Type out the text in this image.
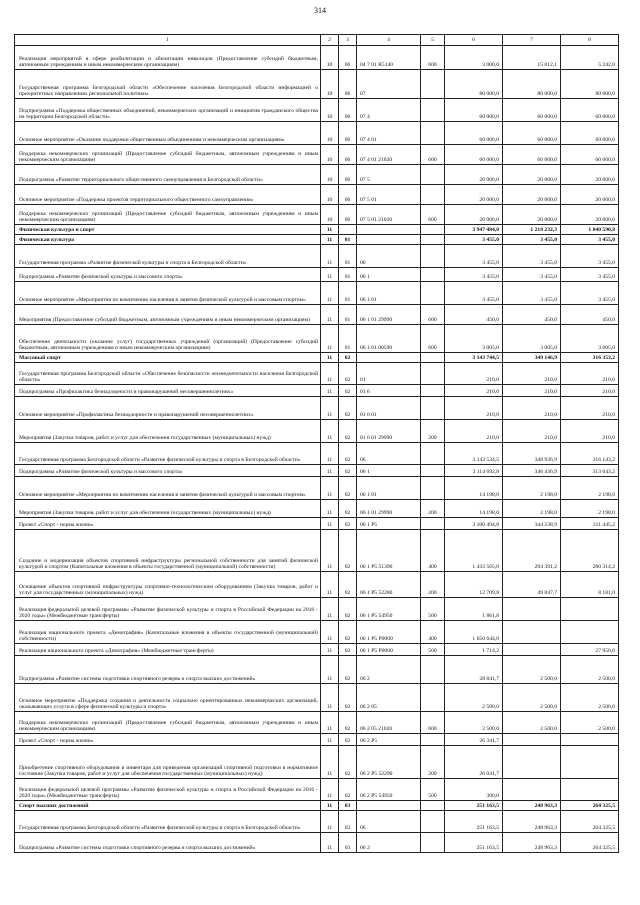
314
1	2	3	4	5	6	7	8
Реализация мероприятий в сфере реабилитации и абилитации инвалидов (Предоставление субсидий бюджетным, автономным учреждениям и иным некоммерческим организациям)	10	06	04 7 01 R5140	600	3 000,0	15 012,1	5 242,0
Государственная программа Белгородской области «Обеспечение населения Белгородской области информацией о приоритетных направлениях региональной политики»	10	06	07		80 000,0	80 000,0	80 000,0
Подпрограмма «Поддержка общественных объединений, некоммерческих организаций и инициатив гражданского общества на территории Белгородской области»	10	06	07 4		60 000,0	60 000,0	60 000,0
Основное мероприятие «Оказание поддержки общественным объединениям и некоммерческим организациям»	10	06	07 4 01		60 000,0	60 000,0	60 000,0
Поддержка некоммерческих организаций (Предоставление субсидий бюджетным, автономным учреждениям и иным некоммерческим организациям)	10	06	07 4 01 21020	600	60 000,0	60 000,0	60 000,0
Подпрограмма «Развитие территориального общественного самоуправления в Белгородской области»	10	06	07 5		20 000,0	20 000,0	20 000,0
Основное мероприятие «Поддержка проектов территориального общественного самоуправления»	10	06	07 5 01		20 000,0	20 000,0	20 000,0
Поддержка некоммерческих организаций (Предоставление субсидий бюджетным, автономным учреждениям и иным некоммерческим организациям)	10	06	07 5 01 21020	600	20 000,0	20 000,0	20 000,0
Физическая культура и спорт	11				3 947 484,0	1 218 232,3	1 840 590,8
Физическая культура	11	01			3 455,0	3 455,0	3 455,0
Государственная программа «Развитие физической культуры и спорта в Белгородской области»	11	01	06		3 455,0	3 455,0	3 455,0
Подпрограмма «Развитие физической культуры и массового спорта»	11	01	06 1		3 455,0	3 455,0	3 455,0
Основное мероприятие «Мероприятия по вовлечению населения в занятия физической культурой и массовым спортом»	11	01	06 1 01		3 455,0	3 455,0	3 455,0
Мероприятия (Предоставление субсидий бюджетным, автономным учреждениям и иным некоммерческим организациям)	11	01	06 1 01 29990	600	450,0	450,0	450,0
Обеспечение деятельности (оказание услуг) государственных учреждений (организаций) (Предоставление субсидий бюджетным, автономным учреждениям и иным некоммерческим организациям)	11	01	06 1 01 00590	600	3 005,0	3 005,0	3 005,0
Массовый спорт	11	02			3 143 744,5	349 146,9	316 353,2
Государственная программа Белгородской области «Обеспечение безопасности жизнедеятельности населения Белгородской области»	11	02	01		210,0	210,0	210,0
Подпрограмма «Профилактика безнадзорности и правонарушений несовершеннолетних»	11	02	01 6		210,0	210,0	210,0
Основное мероприятие «Профилактика безнадзорности и правонарушений несовершеннолетних»	11	02	01 6 01		210,0	210,0	210,0
Мероприятия (Закупка товаров, работ и услуг для обеспечения государственных (муниципальных) нужд)	11	02	01 6 01 29990	200	210,0	210,0	210,0
Государственная программа Белгородской области «Развитие физической культуры и спорта в Белгородской области»	11	02	06		3 143 534,5	348 936,9	316 143,2
Подпрограмма «Развитие физической культуры и массового спорта»	11	02	06 1		3 114 692,8	346 436,9	313 643,2
Основное мероприятие «Мероприятия по вовлечению населения в занятия физической культурой и массовым спортом»	11	02	06 1 01		14 198,0	2 198,0	2 198,0
Мероприятия (Закупка товаров, работ и услуг для обеспечения государственных (муниципальных) нужд)	11	02	06 1 01 29990	200	14 198,0	2 198,0	2 198,0
Проект «Спорт - норма жизни»	11	02	06 1 P5		3 100 494,8	344 238,9	311 445,2
Создание и модернизация объектов спортивной инфраструктуры региональной собственности для занятий физической культурой и спортом (Капитальные вложения в объекты государственной (муниципальной) собственности)	11	02	06 1 P5 51390	400	1 433 565,0	294 391,2	280 314,2
Оснащение объектов спортивной инфраструктуры спортивно-технологическим оборудованием (Закупка товаров, работ и услуг для государственных (муниципальных) нужд)	11	02	06 1 P5 52280	200	12 709,8	49 847,7	8 181,0
Реализация федеральной целевой программы «Развитие физической культуры и спорта в Российской Федерации на 2016 - 2020 годы» (Межбюджетные трансферты)	11	02	06 1 P5 54950	500	1 861,8		
Реализация национального проекта «Демография» (Капитальные вложения в объекты государственной (муниципальной) собственности)	11	02	06 1 P5 Р0000	400	1 650 644,0		
Реализация национального проекта «Демография» (Межбюджетные трансферты)	11	02	06 1 P5 Р0000	500	1 714,2		27 950,0
Подпрограмма «Развитие системы подготовки спортивного резерва и спорта высших достижений»	11	02	06 2		28 841,7	2 500,0	2 500,0
Основное мероприятие «Поддержка создания и деятельности социально ориентированных некоммерческих организаций, оказывающих услуги в сфере физической культуры и спорта»	11	02	06 2 05		2 500,0	2 500,0	2 500,0
Поддержка некоммерческих организаций (Предоставление субсидий бюджетным, автономным учреждениям и иным некоммерческим организациям)	11	02	06 2 05 21020	600	2 500,0	2 500,0	2 500,0
Проект «Спорт - норма жизни»	11	02	06 2 P5		26 341,7		
Приобретение спортивного оборудования и инвентаря для приведения организаций спортивной подготовки в нормативное состояние (Закупка товаров, работ и услуг для обеспечения государственных (муниципальных) нужд)	11	02	06 2 P5 52290	200	26 041,7		
Реализация федеральной целевой программы «Развитие физической культуры и спорта в Российской Федерации на 2016 - 2020 годы» (Межбюджетные трансферты)	11	02	06 2 P5 54950	500	300,0		
Спорт высших достижений	11	03			251 163,5	248 963,3	264 325,5
Государственная программа Белгородской области «Развитие физической культуры и спорта в Белгородской области»	11	03	06		251 163,5	248 963,3	264 325,5
Подпрограмма «Развитие системы подготовки спортивного резерва и спорта высших достижений»	11	03	06 2		251 163,5	248 963,3	264 325,5
